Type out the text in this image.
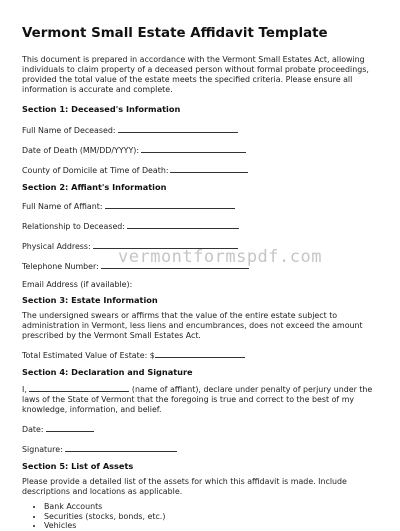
Vermont Small Estate Affidavit Template

This document is prepared in accordance with the Vermont Small Estates Act, allowing individuals to claim property of a deceased person without formal probate proceedings, provided the total value of the estate meets the specified criteria. Please ensure all information is accurate and complete.

Section 1: Deceased's Information

Full Name of Deceased:

Date of Death (MM/DD/YYYY):

County of Domicile at Time of Death:

Section 2: Affiant's Information

Full Name of Affiant:

Relationship to Deceased:

Physical Address:

Telephone Number:

Email Address (if available):

Section 3: Estate Information

The undersigned swears or affirms that the value of the entire estate subject to administration in Vermont, less liens and encumbrances, does not exceed the amount prescribed by the Vermont Small Estates Act.

Total Estimated Value of Estate: $

Section 4: Declaration and Signature

I,	(name of affiant), declare under penalty of perjury under the laws of the State of Vermont that the foregoing is true and correct to the best of my knowledge, information, and belief.

Date:

Signature:

Section 5: List of Assets

Please provide a detailed list of the assets for which this affidavit is made. Include descriptions and locations as applicable.

• Bank Accounts
• Securities (stocks, bonds, etc.)
• Vehicles
vermontformspdf.com
